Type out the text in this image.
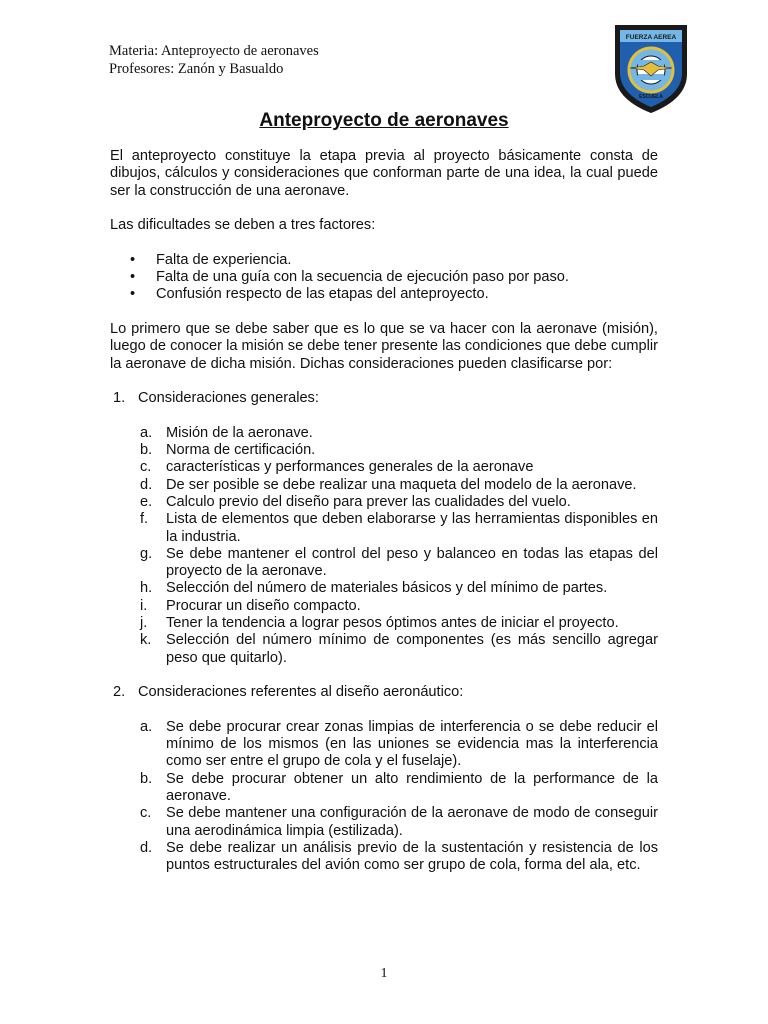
Materia: Anteproyecto de aeronaves
Profesores: Zanón y Basualdo
FUERZA AEREA
ESCUELA
Anteproyecto de aeronaves

El anteproyecto constituye la etapa previa al proyecto básicamente consta de dibujos, cálculos y consideraciones que conforman parte de una idea, la cual puede ser la construcción de una aeronave.

Las dificultades se deben a tres factores:

• Falta de experiencia.
• Falta de una guía con la secuencia de ejecución paso por paso.
• Confusión respecto de las etapas del anteproyecto.

Lo primero que se debe saber que es lo que se va hacer con la aeronave (misión), luego de conocer la misión se debe tener presente las condiciones que debe cumplir la aeronave de dicha misión. Dichas consideraciones pueden clasificarse por:

1. Consideraciones generales:
a. Misión de la aeronave.
b. Norma de certificación.
c. características y performances generales de la aeronave
d. De ser posible se debe realizar una maqueta del modelo de la aeronave.
e. Calculo previo del diseño para prever las cualidades del vuelo.
f. Lista de elementos que deben elaborarse y las herramientas disponibles en la industria.
g. Se debe mantener el control del peso y balanceo en todas las etapas del proyecto de la aeronave.
h. Selección del número de materiales básicos y del mínimo de partes.
i. Procurar un diseño compacto.
j. Tener la tendencia a lograr pesos óptimos antes de iniciar el proyecto.
k. Selección del número mínimo de componentes (es más sencillo agregar peso que quitarlo).
2. Consideraciones referentes al diseño aeronáutico:
a. Se debe procurar crear zonas limpias de interferencia o se debe reducir el mínimo de los mismos (en las uniones se evidencia mas la interferencia como ser entre el grupo de cola y el fuselaje).
b. Se debe procurar obtener un alto rendimiento de la performance de la aeronave.
c. Se debe mantener una configuración de la aeronave de modo de conseguir una aerodinámica limpia (estilizada).
d. Se debe realizar un análisis previo de la sustentación y resistencia de los puntos estructurales del avión como ser grupo de cola, forma del ala, etc.
1
